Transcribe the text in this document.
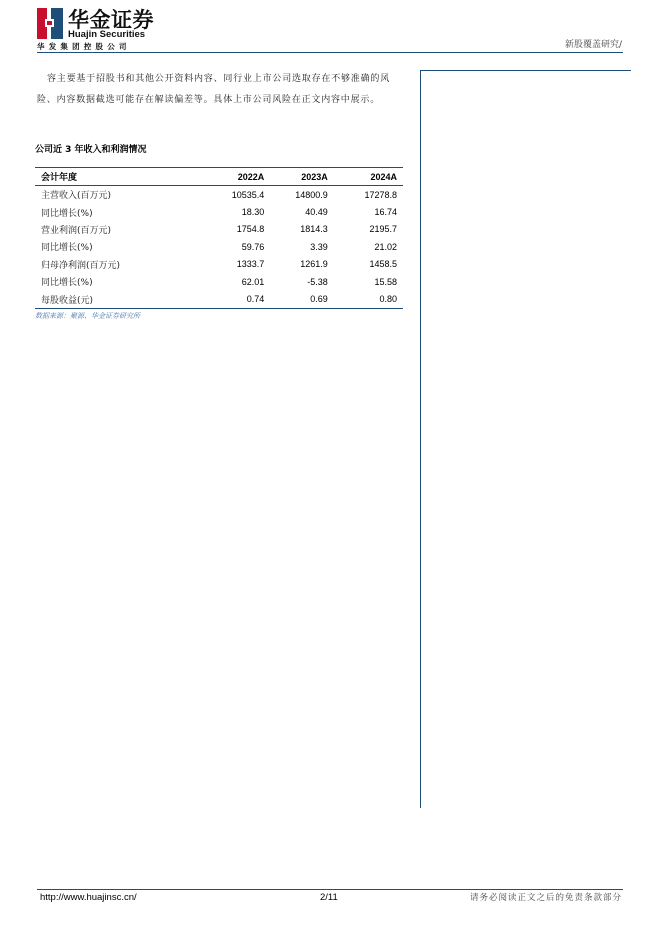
华金证券
Huajin Securities
华发集团控股公司	新股覆盖研究/

容主要基于招股书和其他公开资料内容、同行业上市公司选取存在不够准确的风险、内容数据截选可能存在解读偏差等。具体上市公司风险在正文内容中展示。

公司近 3 年收入和利润情况
会计年度	2022A	2023A	2024A
主营收入(百万元)	10535.4	14800.9	17278.8
同比增长(%)	18.30	40.49	16.74
营业利润(百万元)	1754.8	1814.3	2195.7
同比增长(%)	59.76	3.39	21.02
归母净利润(百万元)	1333.7	1261.9	1458.5
同比增长(%)	62.01	-5.38	15.58
每股收益(元)	0.74	0.69	0.80
数据来源：聚源、华金证券研究所
http://www.huajinsc.cn/	2/11	请务必阅读正文之后的免责条款部分
